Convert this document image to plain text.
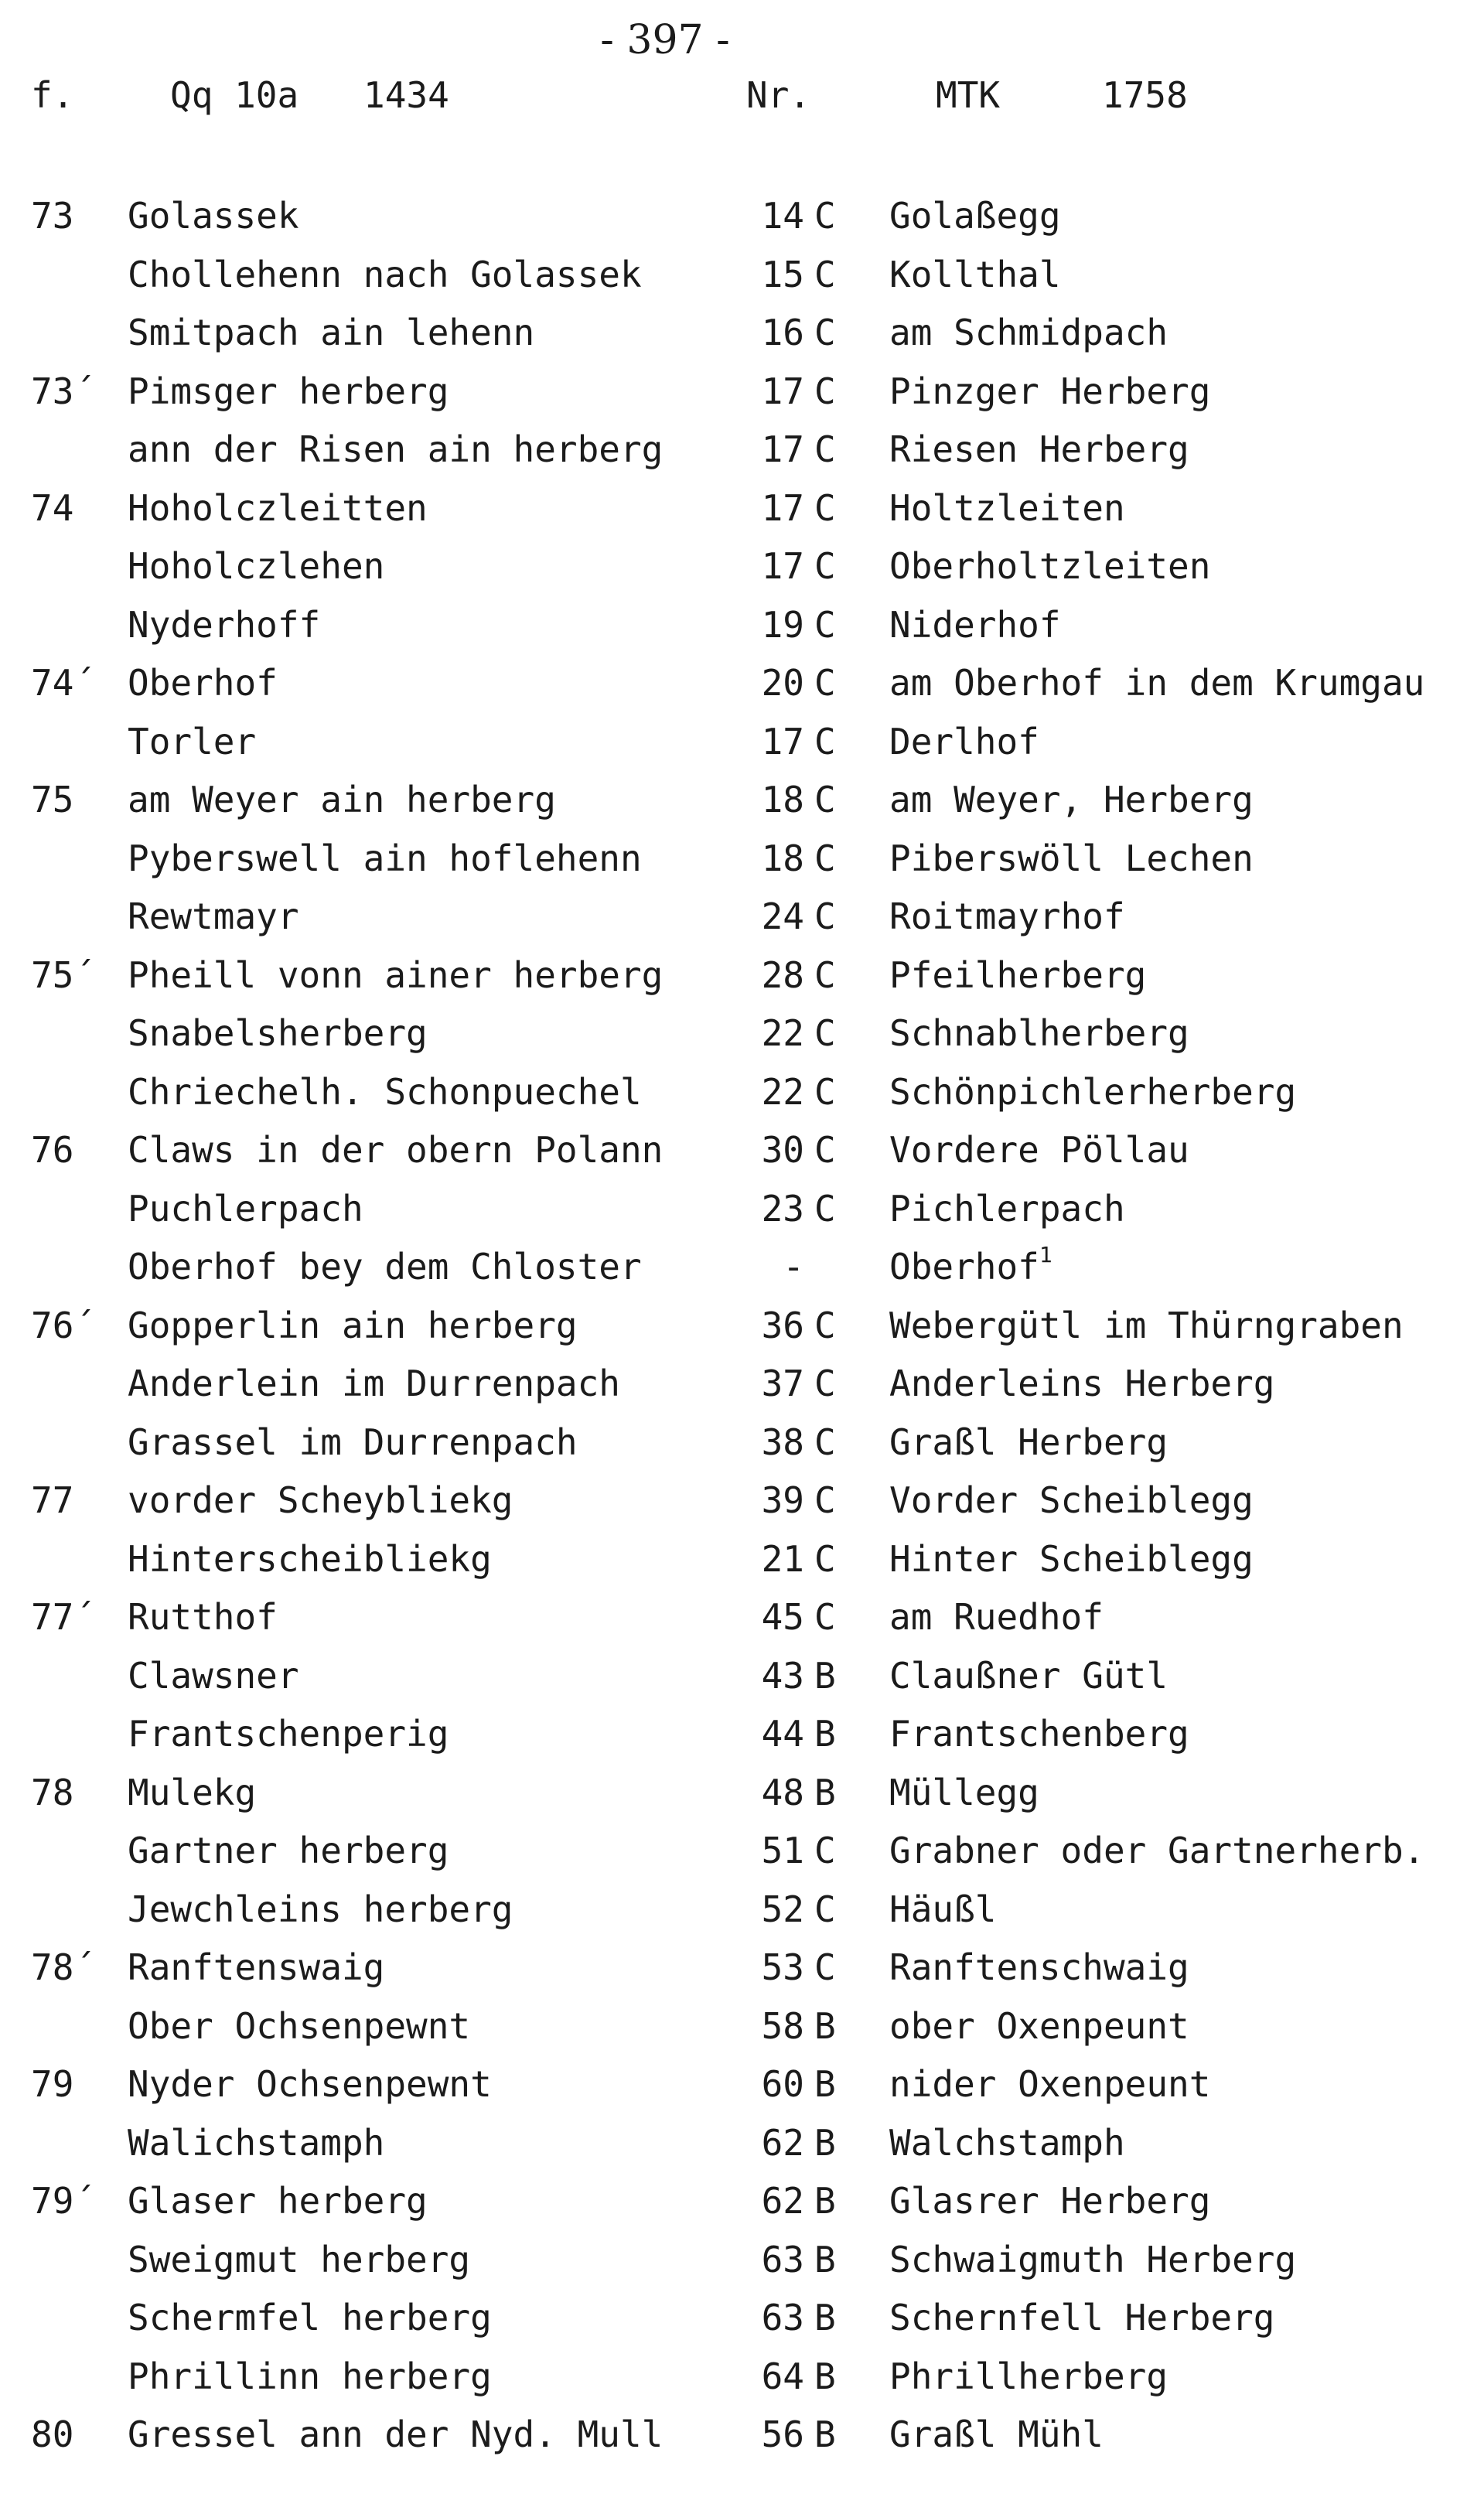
- 397 -
f.	Qq 10a 1434	Nr.	MTK	1758
73	Golassek	14 C Golaßegg
Chollehenn nach Golassek	15 C Kollthal
Smitpach ain lehenn	16 C am Schmidpach
73´ Pimsger herberg	17 C Pinzger Herberg
ann der Risen ain herberg	17 C Riesen Herberg
74	Hoholczleitten	17 C Holtzleiten
Hoholczlehen	17 C Oberholtzleiten
Nyderhoff	19 C Niderhof
74´ Oberhof	20 C am Oberhof in dem Krumgau
Torler	17 C Derlhof
75	am Weyer ain herberg	18 C am Weyer, Herberg
Pyberswell ain hoflehenn	18 C Piberswöll Lechen
Rewtmayr	24 C Roitmayrhof
75´ Pheill vonn ainer herberg	28 C Pfeilherberg
Snabelsherberg	22 C Schnablherberg
Chriechelh. Schonpuechel	22 C Schönpichlerherberg
76	Claws in der obern Polann	30 C Vordere Pöllau
Puchlerpach	23 C Pichlerpach
Oberhof bey dem Chloster	- Oberhof$^1$
76´ Gopperlin ain herberg	36 C Webergütl im Thürngraben
Anderlein im Durrenpach	37 C Anderleins Herberg
Grassel im Durrenpach	38 C Graßl Herberg
77	vorder Scheybliekg	39 C Vorder Scheiblegg
Hinterscheibliekg	21 C Hinter Scheiblegg
77´ Rutthof	45 C am Ruedhof
Clawsner	43 B Claußner Gütl
Frantschenperig	44 B Frantschenberg
78	Mulekg	48 B Müllegg
Gartner herberg	51 C Grabner oder Gartnerherb.
Jewchleins herberg	52 C Häußl
78´ Ranftenswaig	53 C Ranftenschwaig
Ober Ochsenpewnt	58 B ober Oxenpeunt
79	Nyder Ochsenpewnt	60 B nider Oxenpeunt
Walichstamph	62 B Walchstamph
79´ Glaser herberg	62 B Glasrer Herberg
Sweigmut herberg	63 B Schwaigmuth Herberg
Schermfel herberg	63 B Schernfell Herberg
Phrillinn herberg	64 B Phrillherberg
80	Gressel ann der Nyd. Mull	56 B Graßl Mühl
